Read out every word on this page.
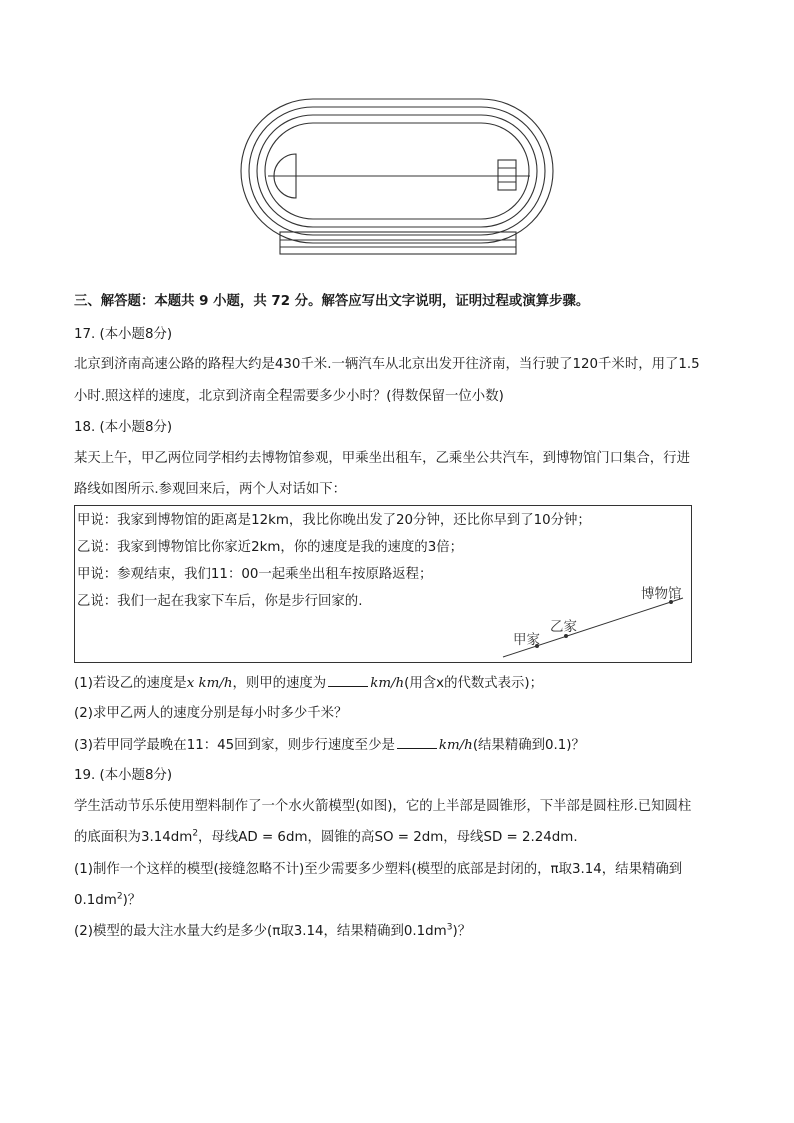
三、解答题：本题共 9 小题，共 72 分。解答应写出文字说明，证明过程或演算步骤。
17. (本小题8分)
北京到济南高速公路的路程大约是430千米.一辆汽车从北京出发开往济南，当行驶了120千米时，用了1.5
小时.照这样的速度，北京到济南全程需要多少小时？(得数保留一位小数)
18. (本小题8分)
某天上午，甲乙两位同学相约去博物馆参观，甲乘坐出租车，乙乘坐公共汽车，到博物馆门口集合，行进
路线如图所示.参观回来后，两个人对话如下：
甲说：我家到博物馆的距离是12km，我比你晚出发了20分钟，还比你早到了10分钟；
乙说：我家到博物馆比你家近2km，你的速度是我的速度的3倍；
甲说：参观结束，我们11：00一起乘坐出租车按原路返程；
乙说：我们一起在我家下车后，你是步行回家的.	博物馆
乙家
甲家
(1)若设乙的速度是x km/h，则甲的速度为	km/h(用含x的代数式表示)；
(2)求甲乙两人的速度分别是每小时多少千米？
(3)若甲同学最晚在11：45回到家，则步行速度至少是	km/h(结果精确到0.1)？
19. (本小题8分)
学生活动节乐乐使用塑料制作了一个水火箭模型(如图)，它的上半部是圆锥形，下半部是圆柱形.已知圆柱
的底面积为$3.14dm^2$，母线AD = 6dm，圆锥的高SO = 2dm，母线SD = 2.24dm.
(1)制作一个这样的模型(接缝忽略不计)至少需要多少塑料(模型的底部是封闭的，π取3.14，结果精确到
$0.1dm^2$)？
(2)模型的最大注水量大约是多少(π取3.14，结果精确到$0.1dm^3$)？
